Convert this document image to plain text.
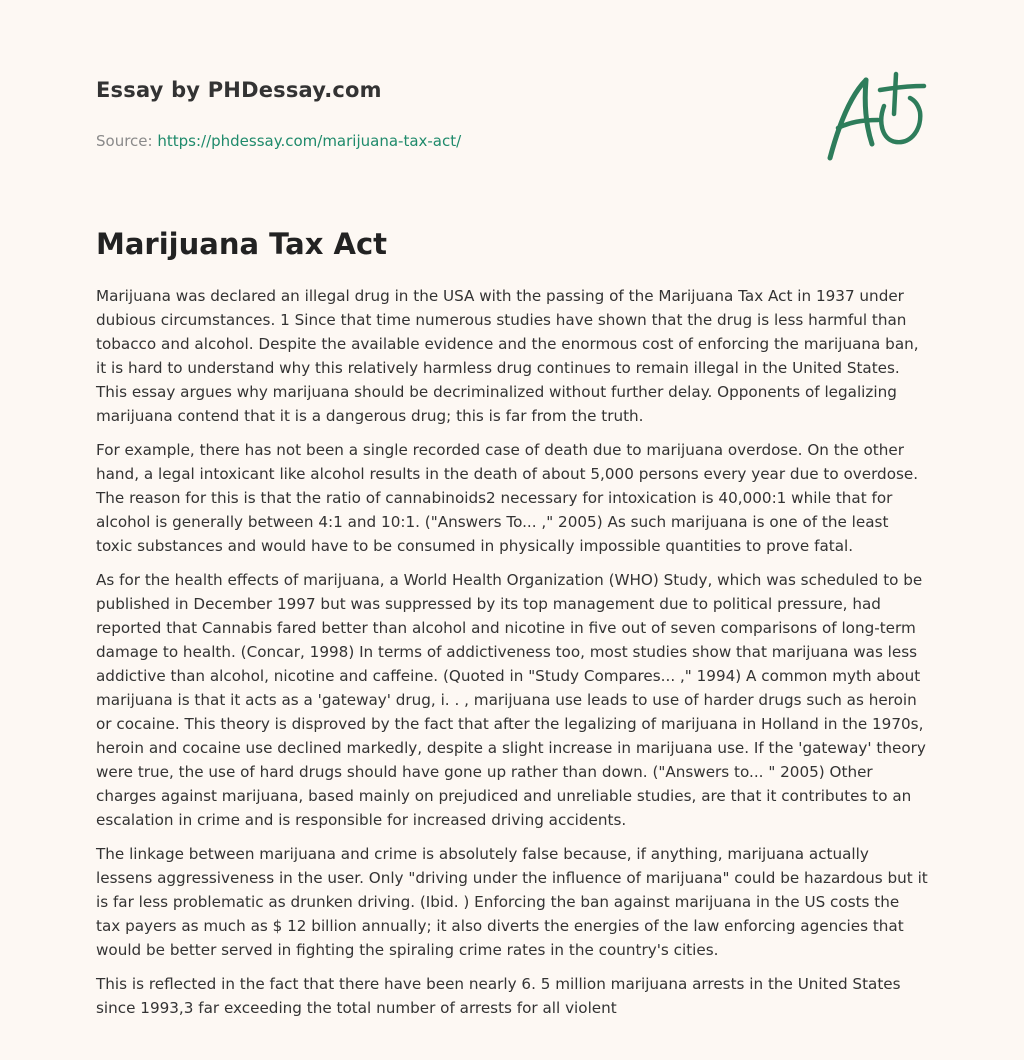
Essay by PHDessay.com
Source: https://phdessay.com/marijuana-tax-act/
Marijuana Tax Act

Marijuana was declared an illegal drug in the USA with the passing of the Marijuana Tax Act in 1937 under dubious circumstances. 1 Since that time numerous studies have shown that the drug is less harmful than tobacco and alcohol. Despite the available evidence and the enormous cost of enforcing the marijuana ban, it is hard to understand why this relatively harmless drug continues to remain illegal in the United States. This essay argues why marijuana should be decriminalized without further delay. Opponents of legalizing marijuana contend that it is a dangerous drug; this is far from the truth.

For example, there has not been a single recorded case of death due to marijuana overdose. On the other hand, a legal intoxicant like alcohol results in the death of about 5,000 persons every year due to overdose. The reason for this is that the ratio of cannabinoids2 necessary for intoxication is 40,000:1 while that for alcohol is generally between 4:1 and 10:1. ("Answers To... ," 2005) As such marijuana is one of the least toxic substances and would have to be consumed in physically impossible quantities to prove fatal.

As for the health effects of marijuana, a World Health Organization (WHO) Study, which was scheduled to be published in December 1997 but was suppressed by its top management due to political pressure, had reported that Cannabis fared better than alcohol and nicotine in five out of seven comparisons of long-term damage to health. (Concar, 1998) In terms of addictiveness too, most studies show that marijuana was less addictive than alcohol, nicotine and caffeine. (Quoted in "Study Compares... ," 1994) A common myth about marijuana is that it acts as a 'gateway' drug, i. . , marijuana use leads to use of harder drugs such as heroin or cocaine. This theory is disproved by the fact that after the legalizing of marijuana in Holland in the 1970s, heroin and cocaine use declined markedly, despite a slight increase in marijuana use. If the 'gateway' theory were true, the use of hard drugs should have gone up rather than down. ("Answers to... " 2005) Other charges against marijuana, based mainly on prejudiced and unreliable studies, are that it contributes to an escalation in crime and is responsible for increased driving accidents.

The linkage between marijuana and crime is absolutely false because, if anything, marijuana actually lessens aggressiveness in the user. Only "driving under the influence of marijuana" could be hazardous but it is far less problematic as drunken driving. (Ibid. ) Enforcing the ban against marijuana in the US costs the tax payers as much as $ 12 billion annually; it also diverts the energies of the law enforcing agencies that would be better served in fighting the spiraling crime rates in the country's cities.

This is reflected in the fact that there have been nearly 6. 5 million marijuana arrests in the United States since 1993,3 far exceeding the total number of arrests for all violent
